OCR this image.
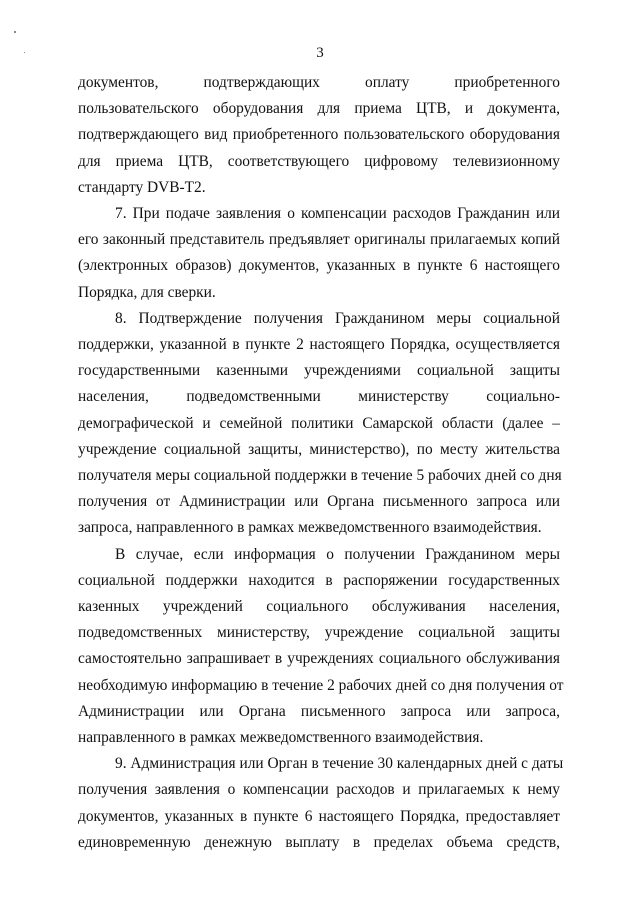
3
документов, подтверждающих оплату приобретенного
пользовательского оборудования для приема ЦТВ, и документа,
подтверждающего вид приобретенного пользовательского оборудования
для приема ЦТВ, соответствующего цифровому телевизионному
стандарту DVB-T2.
7. При подаче заявления о компенсации расходов Гражданин или
его законный представитель предъявляет оригиналы прилагаемых копий
(электронных образов) документов, указанных в пункте 6 настоящего
Порядка, для сверки.
8. Подтверждение получения Гражданином меры социальной
поддержки, указанной в пункте 2 настоящего Порядка, осуществляется
государственными казенными учреждениями социальной защиты
населения, подведомственными министерству социально-
демографической и семейной политики Самарской области (далее –
учреждение социальной защиты, министерство), по месту жительства
получателя меры социальной поддержки в течение 5 рабочих дней со дня
получения от Администрации или Органа письменного запроса или
запроса, направленного в рамках межведомственного взаимодействия.
В случае, если информация о получении Гражданином меры
социальной поддержки находится в распоряжении государственных
казенных учреждений социального обслуживания населения,
подведомственных министерству, учреждение социальной защиты
самостоятельно запрашивает в учреждениях социального обслуживания
необходимую информацию в течение 2 рабочих дней со дня получения от
Администрации или Органа письменного запроса или запроса,
направленного в рамках межведомственного взаимодействия.
9. Администрация или Орган в течение 30 календарных дней с даты
получения заявления о компенсации расходов и прилагаемых к нему
документов, указанных в пункте 6 настоящего Порядка, предоставляет
единовременную денежную выплату в пределах объема средств,
